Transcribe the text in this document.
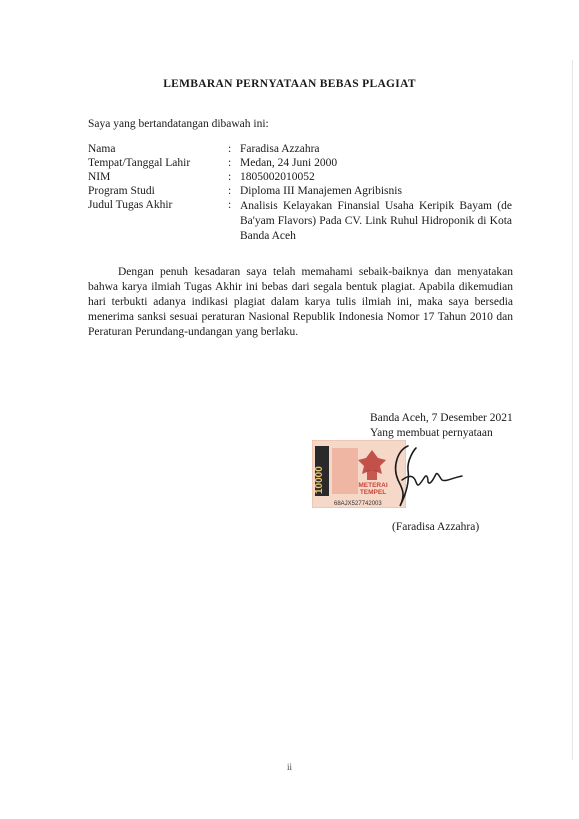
LEMBARAN PERNYATAAN BEBAS PLAGIAT
Saya yang bertandatangan dibawah ini:
Nama	: Faradisa Azzahra
Tempat/Tanggal Lahir	: Medan, 24 Juni 2000
NIM	: 1805002010052
Program Studi	: Diploma III Manajemen Agribisnis
Judul Tugas Akhir	: Analisis Kelayakan Finansial Usaha Keripik Bayam (de Ba'yam Flavors) Pada CV. Link Ruhul Hidroponik di Kota Banda Aceh
Dengan penuh kesadaran saya telah memahami sebaik-baiknya dan menyatakan bahwa karya ilmiah Tugas Akhir ini bebas dari segala bentuk plagiat. Apabila dikemudian hari terbukti adanya indikasi plagiat dalam karya tulis ilmiah ini, maka saya bersedia menerima sanksi sesuai peraturan Nasional Republik Indonesia Nomor 17 Tahun 2010 dan Peraturan Perundang-undangan yang berlaku.
Banda Aceh, 7 Desember 2021
Yang membuat pernyataan
10000	METERAI
TEMPEL
68AJX527742003
(Faradisa Azzahra)
ii
